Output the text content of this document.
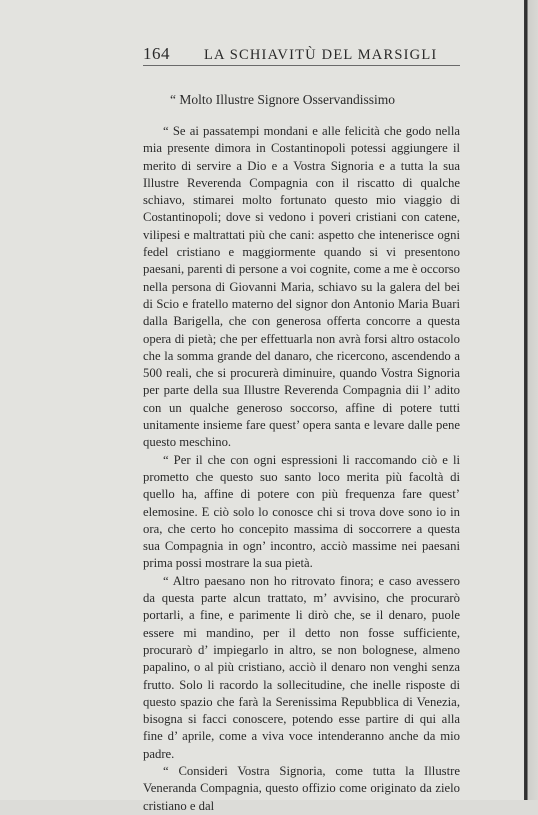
164 LA SCHIAVITÙ DEL MARSIGLI

“ Molto Illustre Signore Osservandissimo

“ Se ai passatempi mondani e alle felicità che godo nella mia presente dimora in Costantinopoli potessi aggiungere il merito di servire a Dio e a Vostra Signoria e a tutta la sua Illustre Reverenda Compagnia con il riscatto di qualche schiavo, stimarei molto fortunato questo mio viaggio di Costantinopoli; dove si vedono i poveri cristiani con catene, vilipesi e maltrattati più che cani: aspetto che intenerisce ogni fedel cristiano e maggiormente quando si vi presentono paesani, parenti di persone a voi cognite, come a me è occorso nella persona di Giovanni Maria, schiavo su la galera del bei di Scio e fratello materno del signor don Antonio Maria Buari dalla Barigella, che con generosa offerta concorre a questa opera di pietà; che per effettuarla non avrà forsi altro ostacolo che la somma grande del danaro, che ricercono, ascendendo a 500 reali, che si procurerà diminuire, quando Vostra Signoria per parte della sua Illustre Reverenda Compagnia dii l’ adito con un qualche generoso soccorso, affine di potere tutti unitamente insieme fare quest’ opera santa e levare dalle pene questo meschino.

“ Per il che con ogni espressioni li raccomando ciò e li prometto che questo suo santo loco merita più facoltà di quello ha, affine di potere con più frequenza fare quest’ elemosine. E ciò solo lo conosce chi si trova dove sono io in ora, che certo ho concepito massima di soccorrere a questa sua Compagnia in ogn’ incontro, acciò massime nei paesani prima possi mostrare la sua pietà.

“ Altro paesano non ho ritrovato finora; e caso avessero da questa parte alcun trattato, m’ avvisino, che procurarò portarli, a fine, e parimente li dirò che, se il denaro, puole essere mi mandino, per il detto non fosse sufficiente, procurarò d’ impiegarlo in altro, se non bolognese, almeno papalino, o al più cristiano, acciò il denaro non venghi senza frutto. Solo li racordo la sollecitudine, che inelle risposte di questo spazio che farà la Serenissima Repubblica di Venezia, bisogna si facci conoscere, potendo esse partire di qui alla fine d’ aprile, come a viva voce intenderanno anche da mio padre.

“ Consideri Vostra Signoria, come tutta la Illustre Veneranda Compagnia, questo offizio come originato da zielo cristiano e dal
